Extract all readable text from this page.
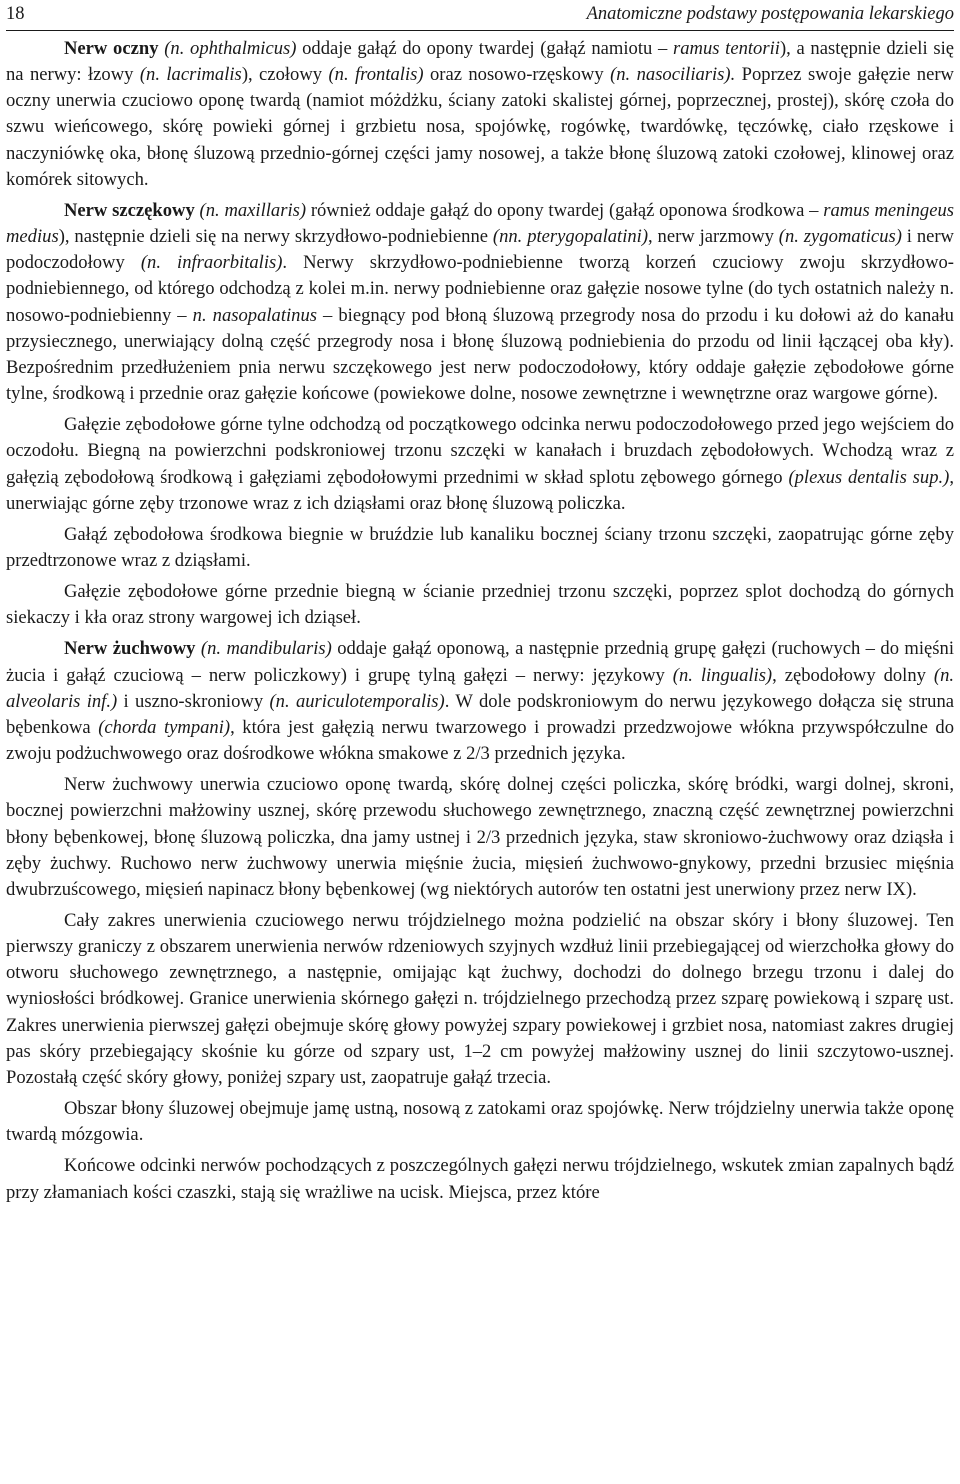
18	Anatomiczne podstawy postępowania lekarskiego

Nerw oczny (n. ophthalmicus) oddaje gałąź do opony twardej (gałąź namiotu – ramus tentorii), a następnie dzieli się na nerwy: łzowy (n. lacrimalis), czołowy (n. frontalis) oraz nosowo-rzęskowy (n. nasociliaris). Poprzez swoje gałęzie nerw oczny unerwia czuciowo oponę twardą (namiot móżdżku, ściany zatoki skalistej górnej, poprzecznej, prostej), skórę czoła do szwu wieńcowego, skórę powieki górnej i grzbietu nosa, spojówkę, rogówkę, twardówkę, tęczówkę, ciało rzęskowe i naczyniówkę oka, błonę śluzową przednio-górnej części jamy nosowej, a także błonę śluzową zatoki czołowej, klinowej oraz komórek sitowych.

Nerw szczękowy (n. maxillaris) również oddaje gałąź do opony twardej (gałąź oponowa środkowa – ramus meningeus medius), następnie dzieli się na nerwy skrzydłowo-podniebienne (nn. pterygopalatini), nerw jarzmowy (n. zygomaticus) i nerw podoczodołowy (n. infraorbitalis). Nerwy skrzydłowo-podniebienne tworzą korzeń czuciowy zwoju skrzydłowo-podniebiennego, od którego odchodzą z kolei m.in. nerwy podniebienne oraz gałęzie nosowe tylne (do tych ostatnich należy n. nosowo-podniebienny – n. nasopalatinus – biegnący pod błoną śluzową przegrody nosa do przodu i ku dołowi aż do kanału przysiecznego, unerwiający dolną część przegrody nosa i błonę śluzową podniebienia do przodu od linii łączącej oba kły). Bezpośrednim przedłużeniem pnia nerwu szczękowego jest nerw podoczodołowy, który oddaje gałęzie zębodołowe górne tylne, środkową i przednie oraz gałęzie końcowe (powiekowe dolne, nosowe zewnętrzne i wewnętrzne oraz wargowe górne).

Gałęzie zębodołowe górne tylne odchodzą od początkowego odcinka nerwu podoczodołowego przed jego wejściem do oczodołu. Biegną na powierzchni podskroniowej trzonu szczęki w kanałach i bruzdach zębodołowych. Wchodzą wraz z gałęzią zębodołową środkową i gałęziami zębodołowymi przednimi w skład splotu zębowego górnego (plexus dentalis sup.), unerwiając górne zęby trzonowe wraz z ich dziąsłami oraz błonę śluzową policzka.

Gałąź zębodołowa środkowa biegnie w bruździe lub kanaliku bocznej ściany trzonu szczęki, zaopatrując górne zęby przedtrzonowe wraz z dziąsłami.

Gałęzie zębodołowe górne przednie biegną w ścianie przedniej trzonu szczęki, poprzez splot dochodzą do górnych siekaczy i kła oraz strony wargowej ich dziąseł.

Nerw żuchwowy (n. mandibularis) oddaje gałąź oponową, a następnie przednią grupę gałęzi (ruchowych – do mięśni żucia i gałąź czuciową – nerw policzkowy) i grupę tylną gałęzi – nerwy: językowy (n. lingualis), zębodołowy dolny (n. alveolaris inf.) i uszno-skroniowy (n. auriculotemporalis). W dole podskroniowym do nerwu językowego dołącza się struna bębenkowa (chorda tympani), która jest gałęzią nerwu twarzowego i prowadzi przedzwojowe włókna przywspółczulne do zwoju podżuchwowego oraz dośrodkowe włókna smakowe z 2/3 przednich języka.

Nerw żuchwowy unerwia czuciowo oponę twardą, skórę dolnej części policzka, skórę bródki, wargi dolnej, skroni, bocznej powierzchni małżowiny usznej, skórę przewodu słuchowego zewnętrznego, znaczną część zewnętrznej powierzchni błony bębenkowej, błonę śluzową policzka, dna jamy ustnej i 2/3 przednich języka, staw skroniowo-żuchwowy oraz dziąsła i zęby żuchwy. Ruchowo nerw żuchwowy unerwia mięśnie żucia, mięsień żuchwowo-gnykowy, przedni brzusiec mięśnia dwubrzuścowego, mięsień napinacz błony bębenkowej (wg niektórych autorów ten ostatni jest unerwiony przez nerw IX).

Cały zakres unerwienia czuciowego nerwu trójdzielnego można podzielić na obszar skóry i błony śluzowej. Ten pierwszy graniczy z obszarem unerwienia nerwów rdzeniowych szyjnych wzdłuż linii przebiegającej od wierzchołka głowy do otworu słuchowego zewnętrznego, a następnie, omijając kąt żuchwy, dochodzi do dolnego brzegu trzonu i dalej do wyniosłości bródkowej. Granice unerwienia skórnego gałęzi n. trójdzielnego przechodzą przez szparę powiekową i szparę ust. Zakres unerwienia pierwszej gałęzi obejmuje skórę głowy powyżej szpary powiekowej i grzbiet nosa, natomiast zakres drugiej pas skóry przebiegający skośnie ku górze od szpary ust, 1–2 cm powyżej małżowiny usznej do linii szczytowo-usznej. Pozostałą część skóry głowy, poniżej szpary ust, zaopatruje gałąź trzecia.

Obszar błony śluzowej obejmuje jamę ustną, nosową z zatokami oraz spojówkę. Nerw trójdzielny unerwia także oponę twardą mózgowia.

Końcowe odcinki nerwów pochodzących z poszczególnych gałęzi nerwu trójdzielnego, wskutek zmian zapalnych bądź przy złamaniach kości czaszki, stają się wrażliwe na ucisk. Miejsca, przez które
